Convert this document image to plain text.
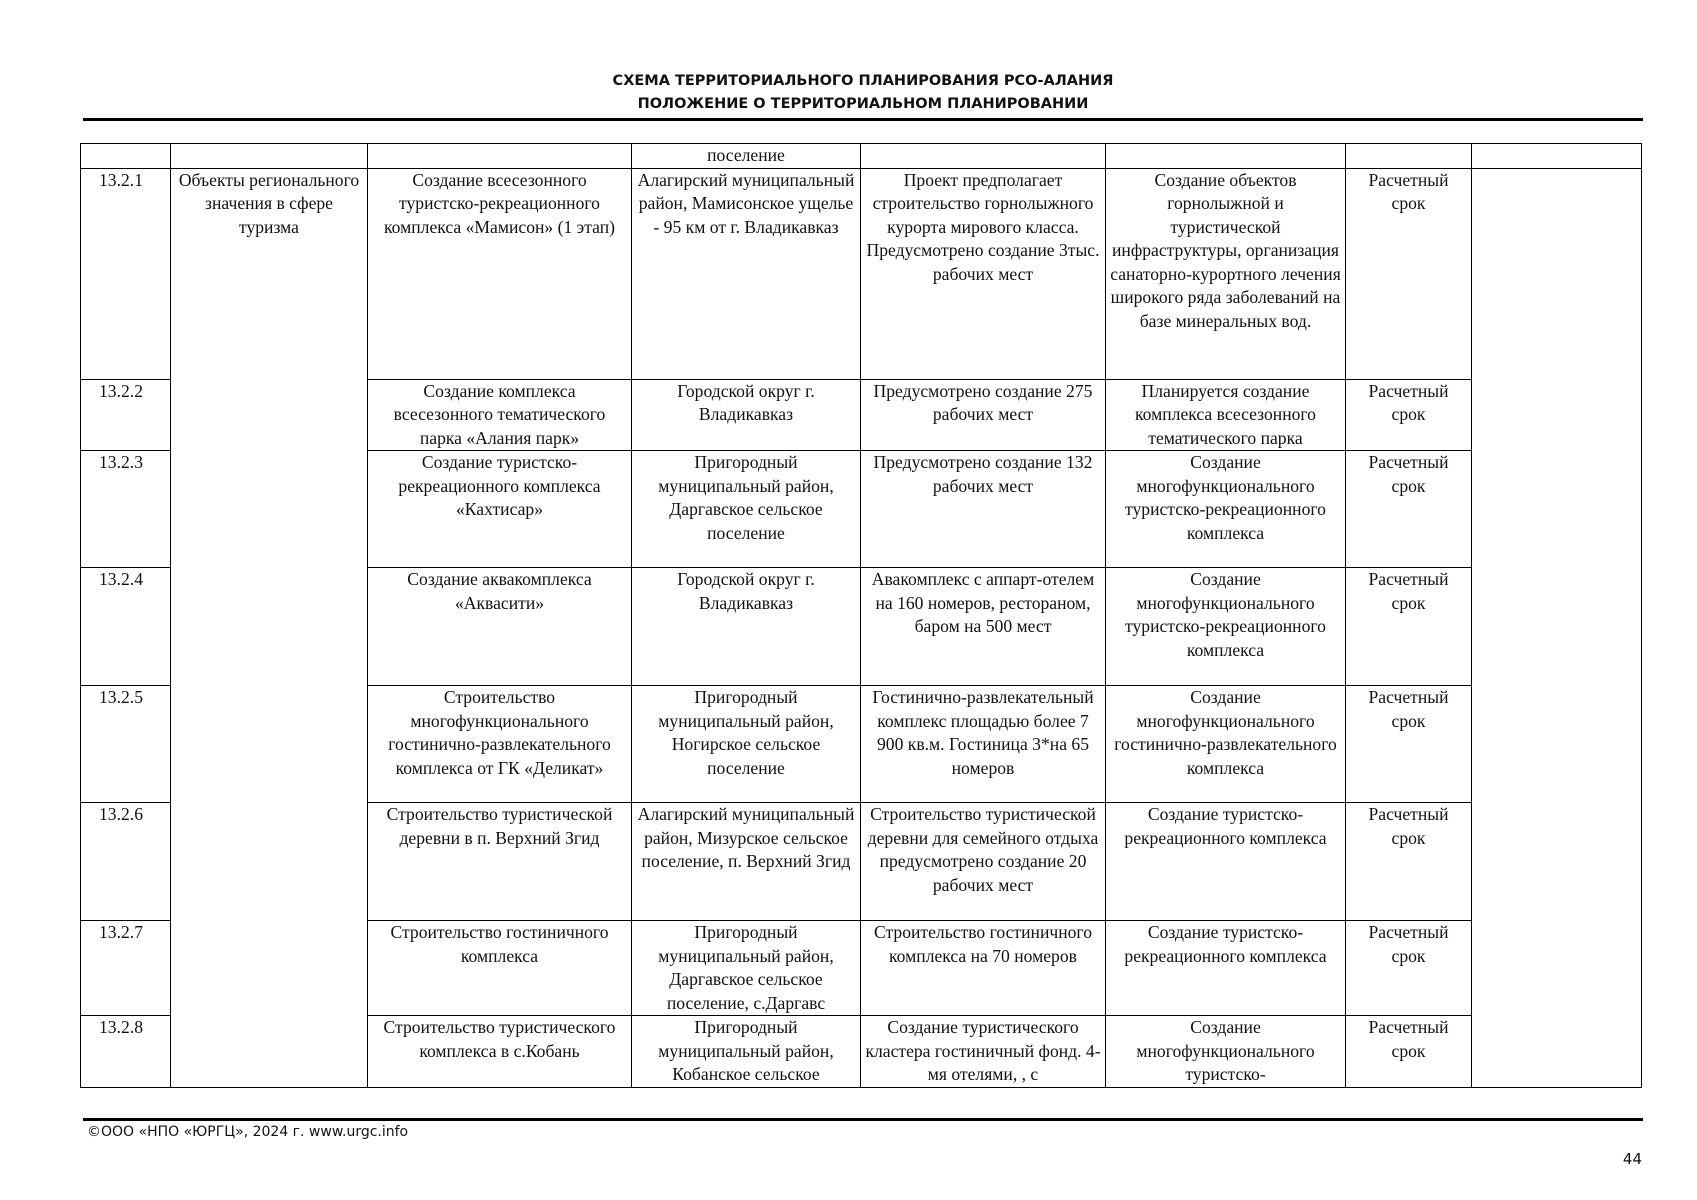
СХЕМА ТЕРРИТОРИАЛЬНОГО ПЛАНИРОВАНИЯ РСО-АЛАНИЯ
ПОЛОЖЕНИЕ О ТЕРРИТОРИАЛЬНОМ ПЛАНИРОВАНИИ
			поселение				
13.2.1	Объекты регионального значения в сфере туризма	Создание всесезонного туристско-рекреационного комплекса «Мамисон» (1 этап)	Алагирский муниципальный район, Мамисонское ущелье - 95 км от г. Владикавказ	Проект предполагает строительство горнолыжного курорта мирового класса. Предусмотрено создание 3тыс. рабочих мест	Создание объектов горнолыжной и туристической инфраструктуры, организация санаторно-курортного лечения широкого ряда заболеваний на базе минеральных вод.	Расчетный срок	
13.2.2		Создание комплекса всесезонного тематического парка «Алания парк»	Городской округ г. Владикавказ	Предусмотрено создание 275 рабочих мест	Планируется создание комплекса всесезонного тематического парка	Расчетный срок	
13.2.3		Создание туристско-рекреационного комплекса «Кахтисар»	Пригородный муниципальный район, Даргавское сельское поселение	Предусмотрено создание 132 рабочих мест	Создание многофункционального туристско-рекреационного комплекса	Расчетный срок	
13.2.4		Создание аквакомплекса «Аквасити»	Городской округ г. Владикавказ	Авакомплекс с аппарт-отелем на 160 номеров, рестораном, баром на 500 мест	Создание многофункционального туристско-рекреационного комплекса	Расчетный срок	
13.2.5		Строительство многофункционального гостинично-развлекательного комплекса от ГК «Деликат»	Пригородный муниципальный район, Ногирское сельское поселение	Гостинично-развлекательный комплекс площадью более 7 900 кв.м. Гостиница 3*на 65 номеров	Создание многофункционального гостинично-развлекательного комплекса	Расчетный срок	
13.2.6		Строительство туристической деревни в п. Верхний Згид	Алагирский муниципальный район, Мизурское сельское поселение, п. Верхний Згид	Строительство туристической деревни для семейного отдыха предусмотрено создание 20 рабочих мест	Создание туристско-рекреационного комплекса	Расчетный срок	
13.2.7		Строительство гостиничного комплекса	Пригородный муниципальный район, Даргавское сельское поселение, с.Даргавс	Строительство гостиничного комплекса на 70 номеров	Создание туристско-рекреационного комплекса	Расчетный срок	
13.2.8		Строительство туристического комплекса в с.Кобань	Пригородный муниципальный район, Кобанское сельское	Создание туристического кластера гостиничный фонд. 4-мя отелями, , с	Создание многофункционального туристско-	Расчетный срок	
©ООО «НПО «ЮРГЦ», 2024 г. www.urgc.info
44
